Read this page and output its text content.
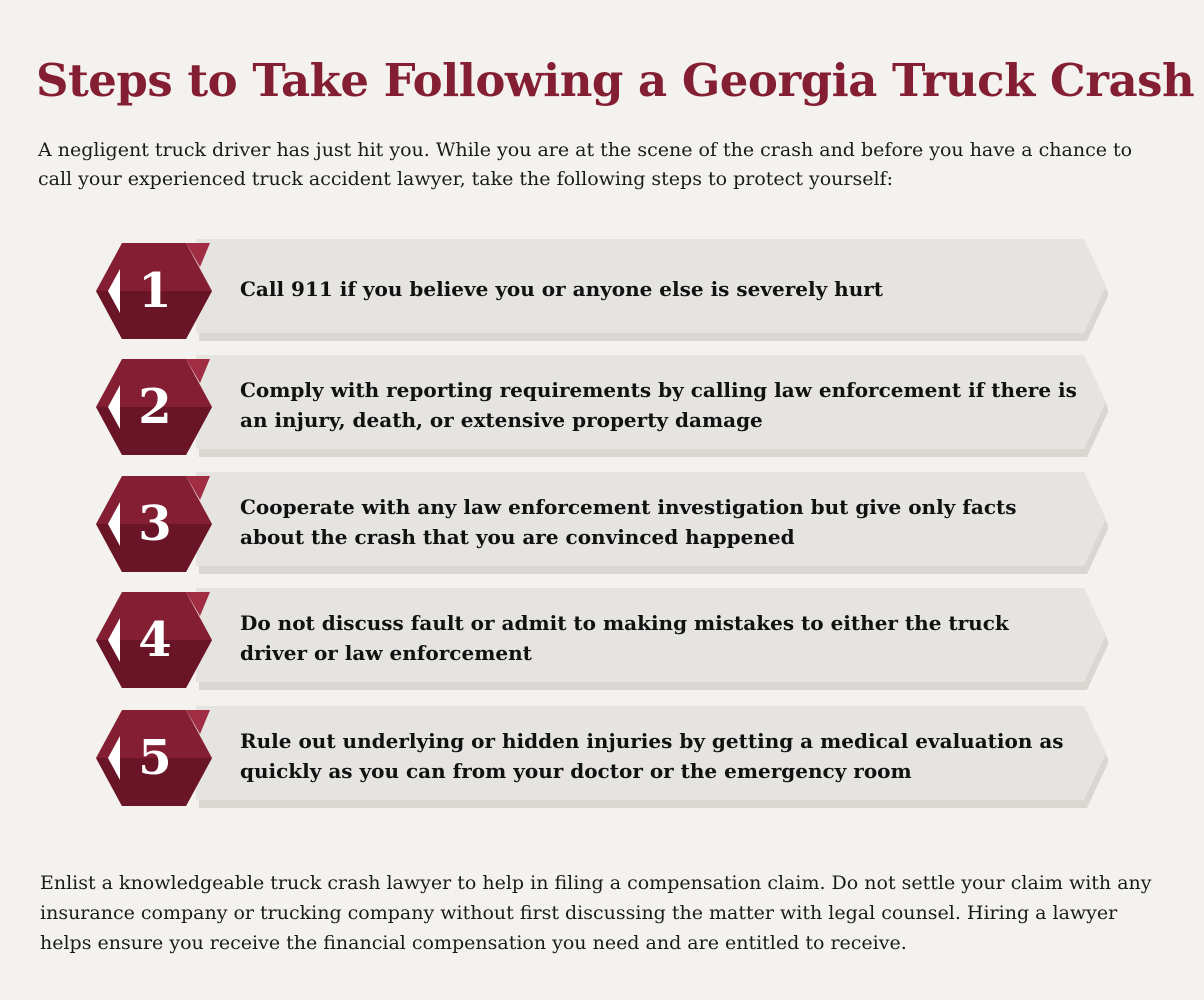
Steps to Take Following a Georgia Truck Crash

A negligent truck driver has just hit you. While you are at the scene of the crash and before you have a chance to call your experienced truck accident lawyer, take the following steps to protect yourself:

1	Call 911 if you believe you or anyone else is severely hurt
2	Comply with reporting requirements by calling law enforcement if there is an injury, death, or extensive property damage
3	Cooperate with any law enforcement investigation but give only facts about the crash that you are convinced happened
4	Do not discuss fault or admit to making mistakes to either the truck driver or law enforcement
5	Rule out underlying or hidden injuries by getting a medical evaluation as quickly as you can from your doctor or the emergency room

Enlist a knowledgeable truck crash lawyer to help in filing a compensation claim. Do not settle your claim with any insurance company or trucking company without first discussing the matter with legal counsel. Hiring a lawyer helps ensure you receive the financial compensation you need and are entitled to receive.
